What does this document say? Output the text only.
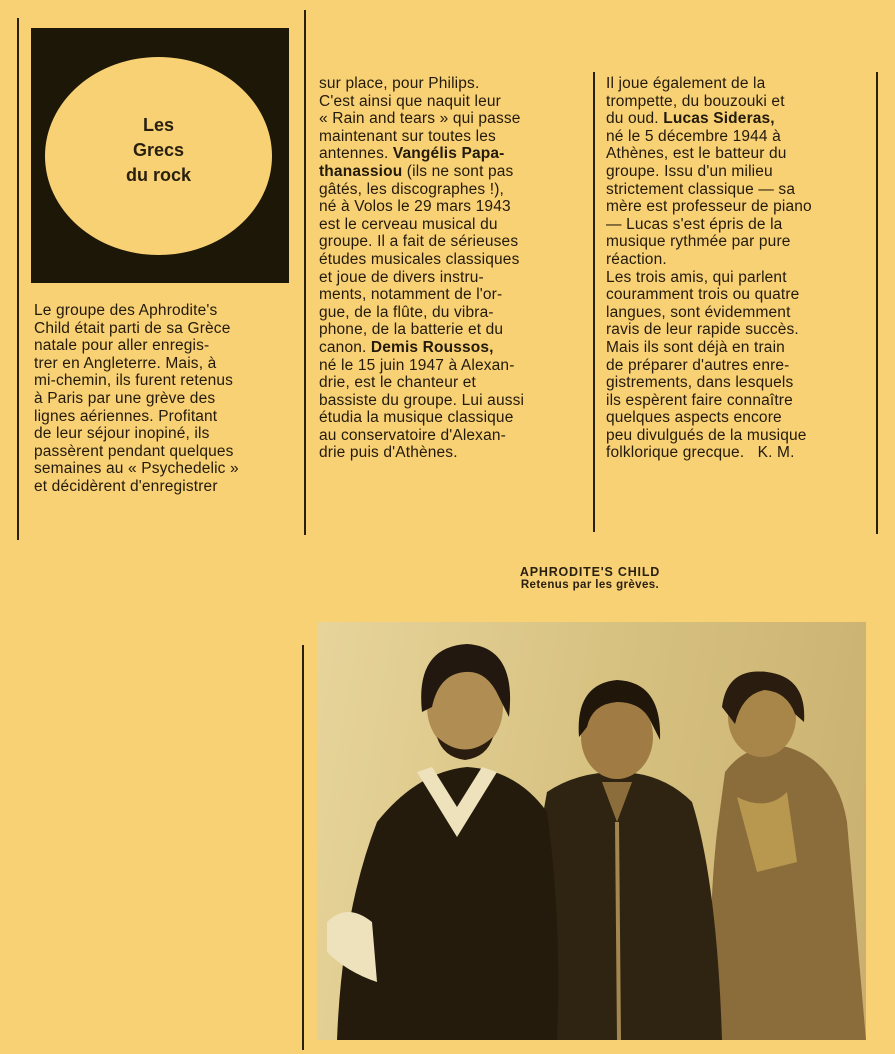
Les
Grecs
du rock
Le groupe des Aphrodite's
Child était parti de sa Grèce
natale pour aller enregis-
trer en Angleterre. Mais, à
mi-chemin, ils furent retenus
à Paris par une grève des
lignes aériennes. Profitant
de leur séjour inopiné, ils
passèrent pendant quelques
semaines au « Psychedelic »
et décidèrent d'enregistrer
sur place, pour Philips.
C'est ainsi que naquit leur
« Rain and tears » qui passe
maintenant sur toutes les
antennes. Vangélis Papa-
thanassiou (ils ne sont pas
gâtés, les discographes !),
né à Volos le 29 mars 1943
est le cerveau musical du
groupe. Il a fait de sérieuses
études musicales classiques
et joue de divers instru-
ments, notamment de l'or-
gue, de la flûte, du vibra-
phone, de la batterie et du
canon. Demis Roussos,
né le 15 juin 1947 à Alexan-
drie, est le chanteur et
bassiste du groupe. Lui aussi
étudia la musique classique
au conservatoire d'Alexan-
drie puis d'Athènes.
Il joue également de la
trompette, du bouzouki et
du oud. Lucas Sideras,
né le 5 décembre 1944 à
Athènes, est le batteur du
groupe. Issu d'un milieu
strictement classique — sa
mère est professeur de piano
— Lucas s'est épris de la
musique rythmée par pure
réaction.
Les trois amis, qui parlent
couramment trois ou quatre
langues, sont évidemment
ravis de leur rapide succès.
Mais ils sont déjà en train
de préparer d'autres enre-
gistrements, dans lesquels
ils espèrent faire connaître
quelques aspects encore
peu divulgués de la musique
folklorique grecque.   K. M.
APHRODITE'S CHILD
Retenus par les grèves.
